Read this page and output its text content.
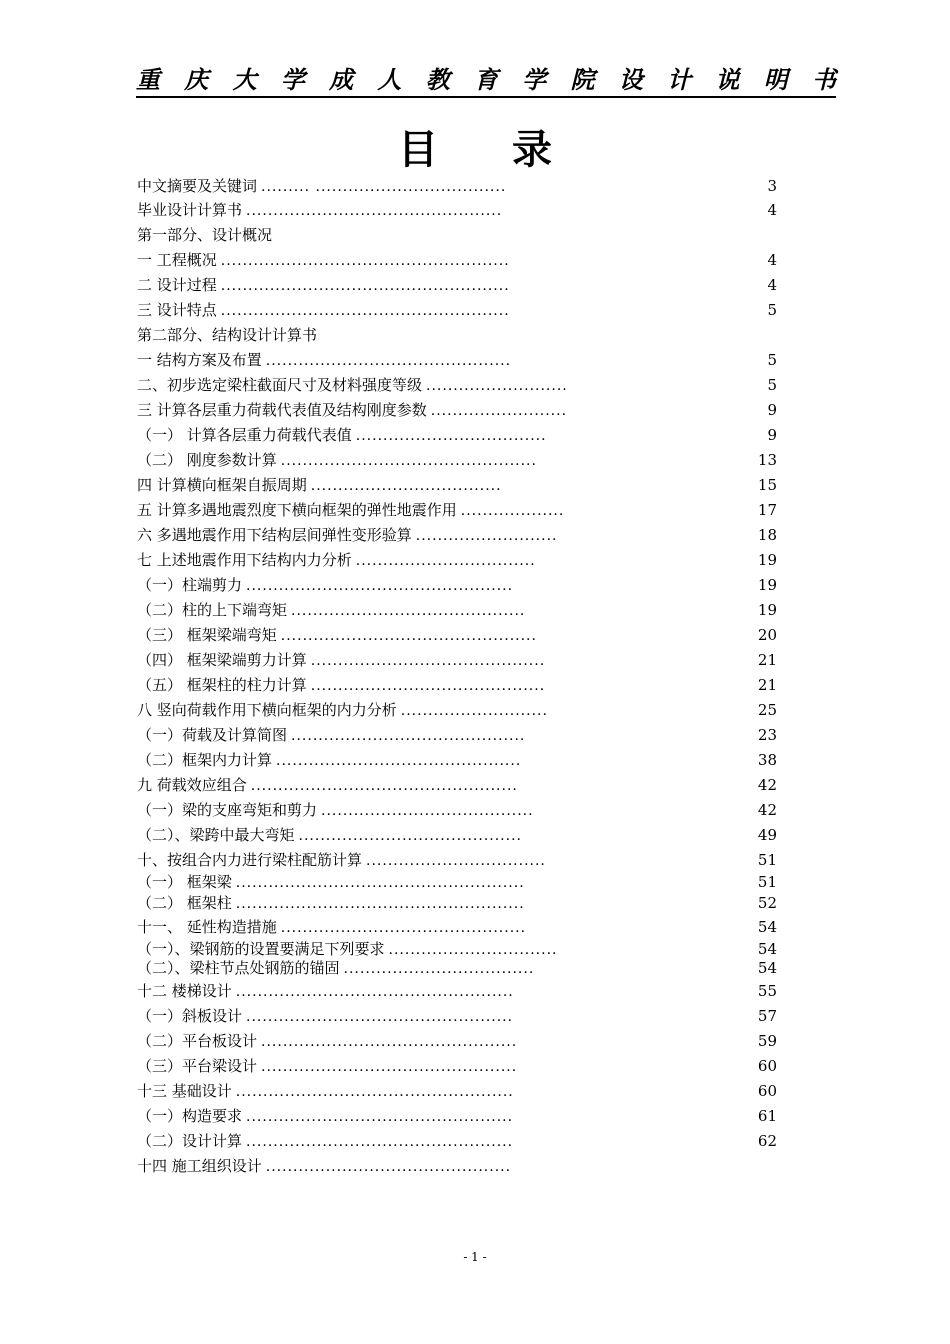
重 庆 大 学 成 人 教 育 学 院 设 计 说 明 书
目 录
中文摘要及关键词 ......... ...................................	3
毕业设计计算书 ...............................................	4
第一部分、设计概况
一 工程概况 .....................................................	4
二 设计过程 .....................................................	4
三 设计特点 .....................................................	5
第二部分、结构设计计算书
一 结构方案及布置 .............................................	5
二、初步选定梁柱截面尺寸及材料强度等级 ..........................	5
三 计算各层重力荷载代表值及结构刚度参数 .........................	9
（一） 计算各层重力荷载代表值 ...................................	9
（二） 刚度参数计算 ...............................................	13
四 计算横向框架自振周期 ...................................	15
五 计算多遇地震烈度下横向框架的弹性地震作用 ...................	17
六 多遇地震作用下结构层间弹性变形验算 ..........................	18
七 上述地震作用下结构内力分析 .................................	19
（一）柱端剪力 .................................................	19
（二）柱的上下端弯矩 ...........................................	19
（三） 框架梁端弯矩 ...............................................	20
（四） 框架梁端剪力计算 ...........................................	21
（五） 框架柱的柱力计算 ...........................................	21
八 竖向荷载作用下横向框架的内力分析 ...........................	25
（一）荷载及计算简图 ...........................................	23
（二）框架内力计算 .............................................	38
九 荷载效应组合 .................................................	42
（一）梁的支座弯矩和剪力 .......................................	42
（二）、梁跨中最大弯矩 .........................................	49
十、按组合内力进行梁柱配筋计算 .................................	51
（一） 框架梁 .....................................................	51
（二） 框架柱 .....................................................	52
十一、 延性构造措施 .............................................	54
（一）、梁钢筋的设置要满足下列要求 ...............................	54
（二）、梁柱节点处钢筋的锚固 ...................................	54
十二 楼梯设计 ...................................................	55
（一）斜板设计 .................................................	57
（二）平台板设计 ...............................................	59
（三）平台梁设计 ...............................................	60
十三 基础设计 ...................................................	60
（一）构造要求 .................................................	61
（二）设计计算 .................................................	62
十四 施工组织设计 .............................................
- 1 -
